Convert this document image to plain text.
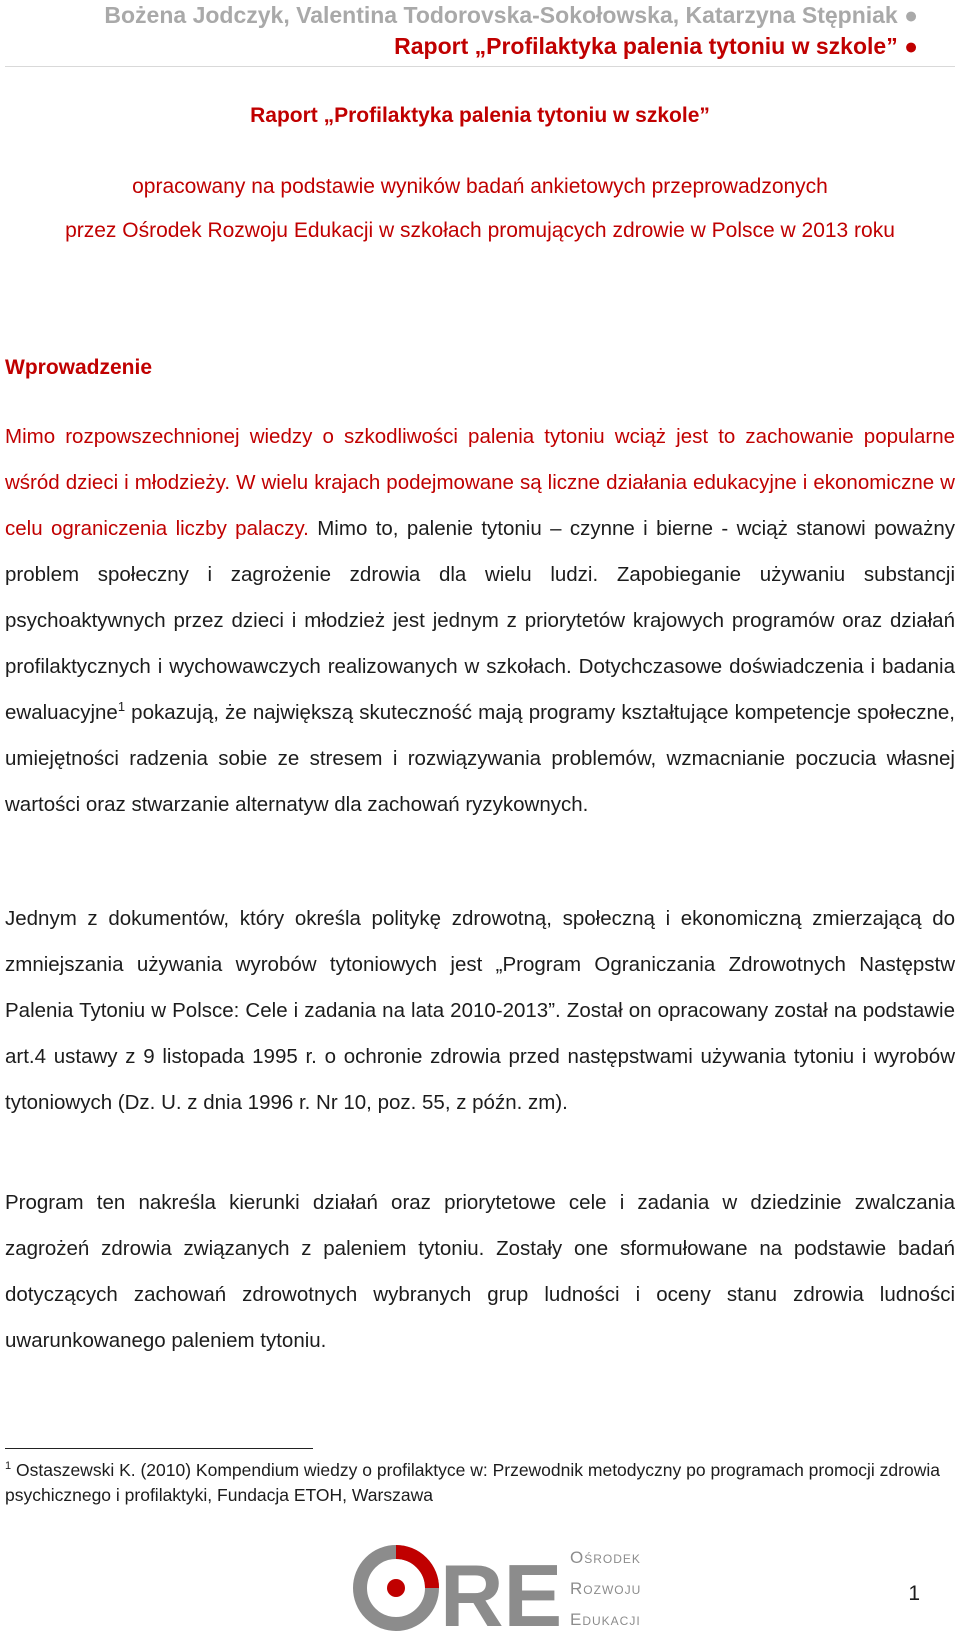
Bożena Jodczyk, Valentina Todorovska-Sokołowska, Katarzyna Stępniak ●
Raport „Profilaktyka palenia tytoniu w szkole” ●
Raport „Profilaktyka palenia tytoniu w szkole”
opracowany na podstawie wyników badań ankietowych przeprowadzonych
przez Ośrodek Rozwoju Edukacji w szkołach promujących zdrowie w Polsce w 2013 roku
Wprowadzenie

Mimo rozpowszechnionej wiedzy o szkodliwości palenia tytoniu wciąż jest to zachowanie popularne wśród dzieci i młodzieży. W wielu krajach podejmowane są liczne działania edukacyjne i ekonomiczne w celu ograniczenia liczby palaczy. Mimo to, palenie tytoniu – czynne i bierne - wciąż stanowi poważny problem społeczny i zagrożenie zdrowia dla wielu ludzi. Zapobieganie używaniu substancji psychoaktywnych przez dzieci i młodzież jest jednym z priorytetów krajowych programów oraz działań profilaktycznych i wychowawczych realizowanych w szkołach. Dotychczasowe doświadczenia i badania ewaluacyjne$^1$ pokazują, że największą skuteczność mają programy kształtujące kompetencje społeczne, umiejętności radzenia sobie ze stresem i rozwiązywania problemów, wzmacnianie poczucia własnej wartości oraz stwarzanie alternatyw dla zachowań ryzykownych.

Jednym z dokumentów, który określa politykę zdrowotną, społeczną i ekonomiczną zmierzającą do zmniejszania używania wyrobów tytoniowych jest „Program Ograniczania Zdrowotnych Następstw Palenia Tytoniu w Polsce: Cele i zadania na lata 2010-2013”. Został on opracowany został na podstawie art.4 ustawy z 9 listopada 1995 r. o ochronie zdrowia przed następstwami używania tytoniu i wyrobów tytoniowych (Dz. U. z dnia 1996 r. Nr 10, poz. 55, z późn. zm).

Program ten nakreśla kierunki działań oraz priorytetowe cele i zadania w dziedzinie zwalczania zagrożeń zdrowia związanych z paleniem tytoniu. Zostały one sformułowane na podstawie badań dotyczących zachowań zdrowotnych wybranych grup ludności i oceny stanu zdrowia ludności uwarunkowanego paleniem tytoniu.

$^1$ Ostaszewski K. (2010) Kompendium wiedzy o profilaktyce w: Przewodnik metodyczny po programach promocji zdrowia psychicznego i profilaktyki, Fundacja ETOH, Warszawa
RE Ośrodek
Rozwoju
Edukacji
1
